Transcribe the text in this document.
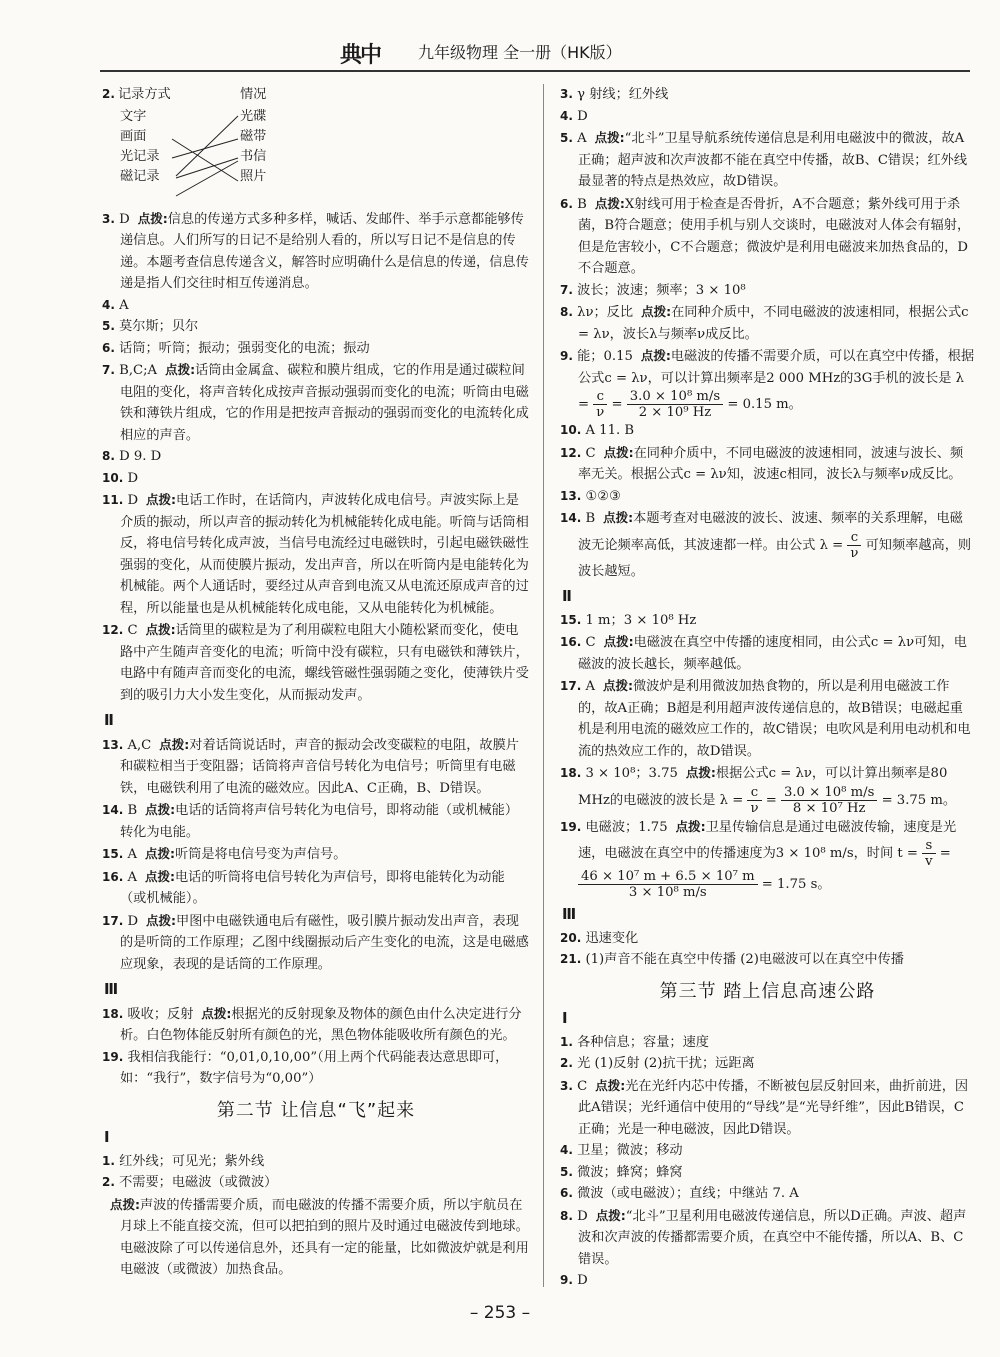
典中 九年级物理 全一册（HK版）
2. 记录方式
文字
画面
光记录
磁记录
情况
光碟
磁带
书信
照片
3. D 点拨:信息的传递方式多种多样，喊话、发邮件、举手示意都能够传递信息。人们所写的日记不是给别人看的，所以写日记不是信息的传递。本题考查信息传递含义，解答时应明确什么是信息的传递，信息传递是指人们交往时相互传递消息。
4. A
5. 莫尔斯；贝尔
6. 话筒；听筒；振动；强弱变化的电流；振动
7. B,C;A 点拨:话筒由金属盒、碳粒和膜片组成，它的作用是通过碳粒间电阻的变化，将声音转化成按声音振动强弱而变化的电流；听筒由电磁铁和薄铁片组成，它的作用是把按声音振动的强弱而变化的电流转化成相应的声音。
8. D 9. D
10. D
11. D 点拨:电话工作时，在话筒内，声波转化成电信号。声波实际上是介质的振动，所以声音的振动转化为机械能转化成电能。听筒与话筒相反，将电信号转化成声波，当信号电流经过电磁铁时，引起电磁铁磁性强弱的变化，从而使膜片振动，发出声音，所以在听筒内是电能转化为机械能。两个人通话时，要经过从声音到电流又从电流还原成声音的过程，所以能量也是从机械能转化成电能，又从电能转化为机械能。
12. C 点拨:话筒里的碳粒是为了利用碳粒电阻大小随松紧而变化，使电路中产生随声音变化的电流；听筒中没有碳粒，只有电磁铁和薄铁片，电路中有随声音而变化的电流，螺线管磁性强弱随之变化，使薄铁片受到的吸引力大小发生变化，从而振动发声。
Ⅱ
13. A,C 点拨:对着话筒说话时，声音的振动会改变碳粒的电阻，故膜片和碳粒相当于变阻器；话筒将声音信号转化为电信号；听筒里有电磁铁，电磁铁利用了电流的磁效应。因此A、C正确，B、D错误。
14. B 点拨:电话的话筒将声信号转化为电信号，即将动能（或机械能）转化为电能。
15. A 点拨:听筒是将电信号变为声信号。
16. A 点拨:电话的听筒将电信号转化为声信号，即将电能转化为动能（或机械能）。
17. D 点拨:甲图中电磁铁通电后有磁性，吸引膜片振动发出声音，表现的是听筒的工作原理；乙图中线圈振动后产生变化的电流，这是电磁感应现象，表现的是话筒的工作原理。
Ⅲ
18. 吸收；反射 点拨:根据光的反射现象及物体的颜色由什么决定进行分析。白色物体能反射所有颜色的光，黑色物体能吸收所有颜色的光。
19. 我相信我能行：“0,01,0,10,00”（用上两个代码能表达意思即可，如：“我行”，数字信号为“0,00”）
第二节 让信息“飞”起来
Ⅰ
1. 红外线；可见光；紫外线
2. 不需要；电磁波（或微波）
点拨:声波的传播需要介质，而电磁波的传播不需要介质，所以宇航员在月球上不能直接交流，但可以把拍到的照片及时通过电磁波传到地球。电磁波除了可以传递信息外，还具有一定的能量，比如微波炉就是利用电磁波（或微波）加热食品。
3. γ 射线；红外线
4. D
5. A 点拨:“北斗”卫星导航系统传递信息是利用电磁波中的微波，故A正确；超声波和次声波都不能在真空中传播，故B、C错误；红外线最显著的特点是热效应，故D错误。
6. B 点拨:X射线可用于检查是否骨折，A不合题意；紫外线可用于杀菌，B符合题意；使用手机与别人交谈时，电磁波对人体会有辐射，但是危害较小，C不合题意；微波炉是利用电磁波来加热食品的，D不合题意。
7. 波长；波速；频率；3 × 10⁸
8. λν；反比 点拨:在同种介质中，不同电磁波的波速相同，根据公式c = λν，波长λ与频率ν成反比。
9. 能；0.15 点拨:电磁波的传播不需要介质，可以在真空中传播，根据公式c = λν，可以计算出频率是2 000 MHz的3G手机的波长是 $\lambda = \frac{c}{\nu} = \frac{\text{3.0 × 10⁸ m/s}}{\text{2 × 10⁹ Hz}} = 0.15$ m。
10. A 11. B
12. C 点拨:在同种介质中，不同电磁波的波速相同，波速与波长、频率无关。根据公式c = λν知，波速c相同，波长λ与频率ν成反比。
13. ①②③
14. B 点拨:本题考查对电磁波的波长、波速、频率的关系理解，电磁波无论频率高低，其波速都一样。由公式 $\lambda = \frac{c}{\nu}$ 可知频率越高，则波长越短。
Ⅱ
15. 1 m；3 × 10⁸ Hz
16. C 点拨:电磁波在真空中传播的速度相同，由公式c = λν可知，电磁波的波长越长，频率越低。
17. A 点拨:微波炉是利用微波加热食物的，所以是利用电磁波工作的，故A正确；B超是利用超声波传递信息的，故B错误；电磁起重机是利用电流的磁效应工作的，故C错误；电吹风是利用电动机和电流的热效应工作的，故D错误。
18. 3 × 10⁸；3.75 点拨:根据公式c = λν，可以计算出频率是80 MHz的电磁波的波长是 $\lambda = \frac{c}{\nu} = \frac{\text{3.0 × 10⁸ m/s}}{\text{8 × 10⁷ Hz}} = 3.75$ m。
19. 电磁波；1.75 点拨:卫星传输信息是通过电磁波传输，速度是光速，电磁波在真空中的传播速度为3 × 10⁸ m/s，时间 $t = \frac{s}{v}$ =
$\frac{\text{46 × 10⁷ m + 6.5 × 10⁷ m}}{\text{3 × 10⁸ m/s}} = 1.75$ s。
Ⅲ
20. 迅速变化
21. (1)声音不能在真空中传播 (2)电磁波可以在真空中传播
第三节 踏上信息高速公路
Ⅰ
1. 各种信息；容量；速度
2. 光 (1)反射 (2)抗干扰；远距离
3. C 点拨:光在光纤内芯中传播，不断被包层反射回来，曲折前进，因此A错误；光纤通信中使用的“导线”是“光导纤维”，因此B错误，C正确；光是一种电磁波，因此D错误。
4. 卫星；微波；移动
5. 微波；蜂窝；蜂窝
6. 微波（或电磁波）；直线；中继站 7. A
8. D 点拨:“北斗”卫星利用电磁波传递信息，所以D正确。声波、超声波和次声波的传播都需要介质，在真空中不能传播，所以A、B、C错误。
9. D
– 253 –
